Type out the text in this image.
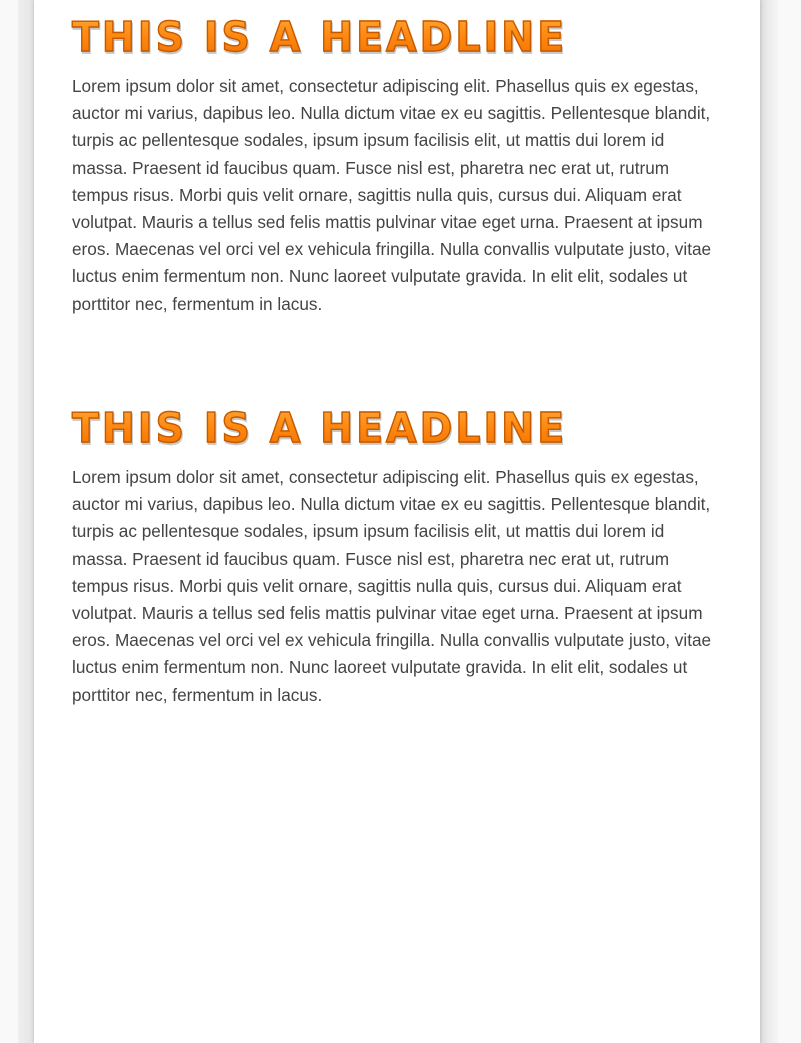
THIS IS A HEADLINE

Lorem ipsum dolor sit amet, consectetur adipiscing elit. Phasellus quis ex egestas, auctor mi varius, dapibus leo. Nulla dictum vitae ex eu sagittis. Pellentesque blandit, turpis ac pellentesque sodales, ipsum ipsum facilisis elit, ut mattis dui lorem id massa. Praesent id faucibus quam. Fusce nisl est, pharetra nec erat ut, rutrum tempus risus. Morbi quis velit ornare, sagittis nulla quis, cursus dui. Aliquam erat volutpat. Mauris a tellus sed felis mattis pulvinar vitae eget urna. Praesent at ipsum eros. Maecenas vel orci vel ex vehicula fringilla. Nulla convallis vulputate justo, vitae luctus enim fermentum non. Nunc laoreet vulputate gravida. In elit elit, sodales ut porttitor nec, fermentum in lacus.

THIS IS A HEADLINE

Lorem ipsum dolor sit amet, consectetur adipiscing elit. Phasellus quis ex egestas, auctor mi varius, dapibus leo. Nulla dictum vitae ex eu sagittis. Pellentesque blandit, turpis ac pellentesque sodales, ipsum ipsum facilisis elit, ut mattis dui lorem id massa. Praesent id faucibus quam. Fusce nisl est, pharetra nec erat ut, rutrum tempus risus. Morbi quis velit ornare, sagittis nulla quis, cursus dui. Aliquam erat volutpat. Mauris a tellus sed felis mattis pulvinar vitae eget urna. Praesent at ipsum eros. Maecenas vel orci vel ex vehicula fringilla. Nulla convallis vulputate justo, vitae luctus enim fermentum non. Nunc laoreet vulputate gravida. In elit elit, sodales ut porttitor nec, fermentum in lacus.
